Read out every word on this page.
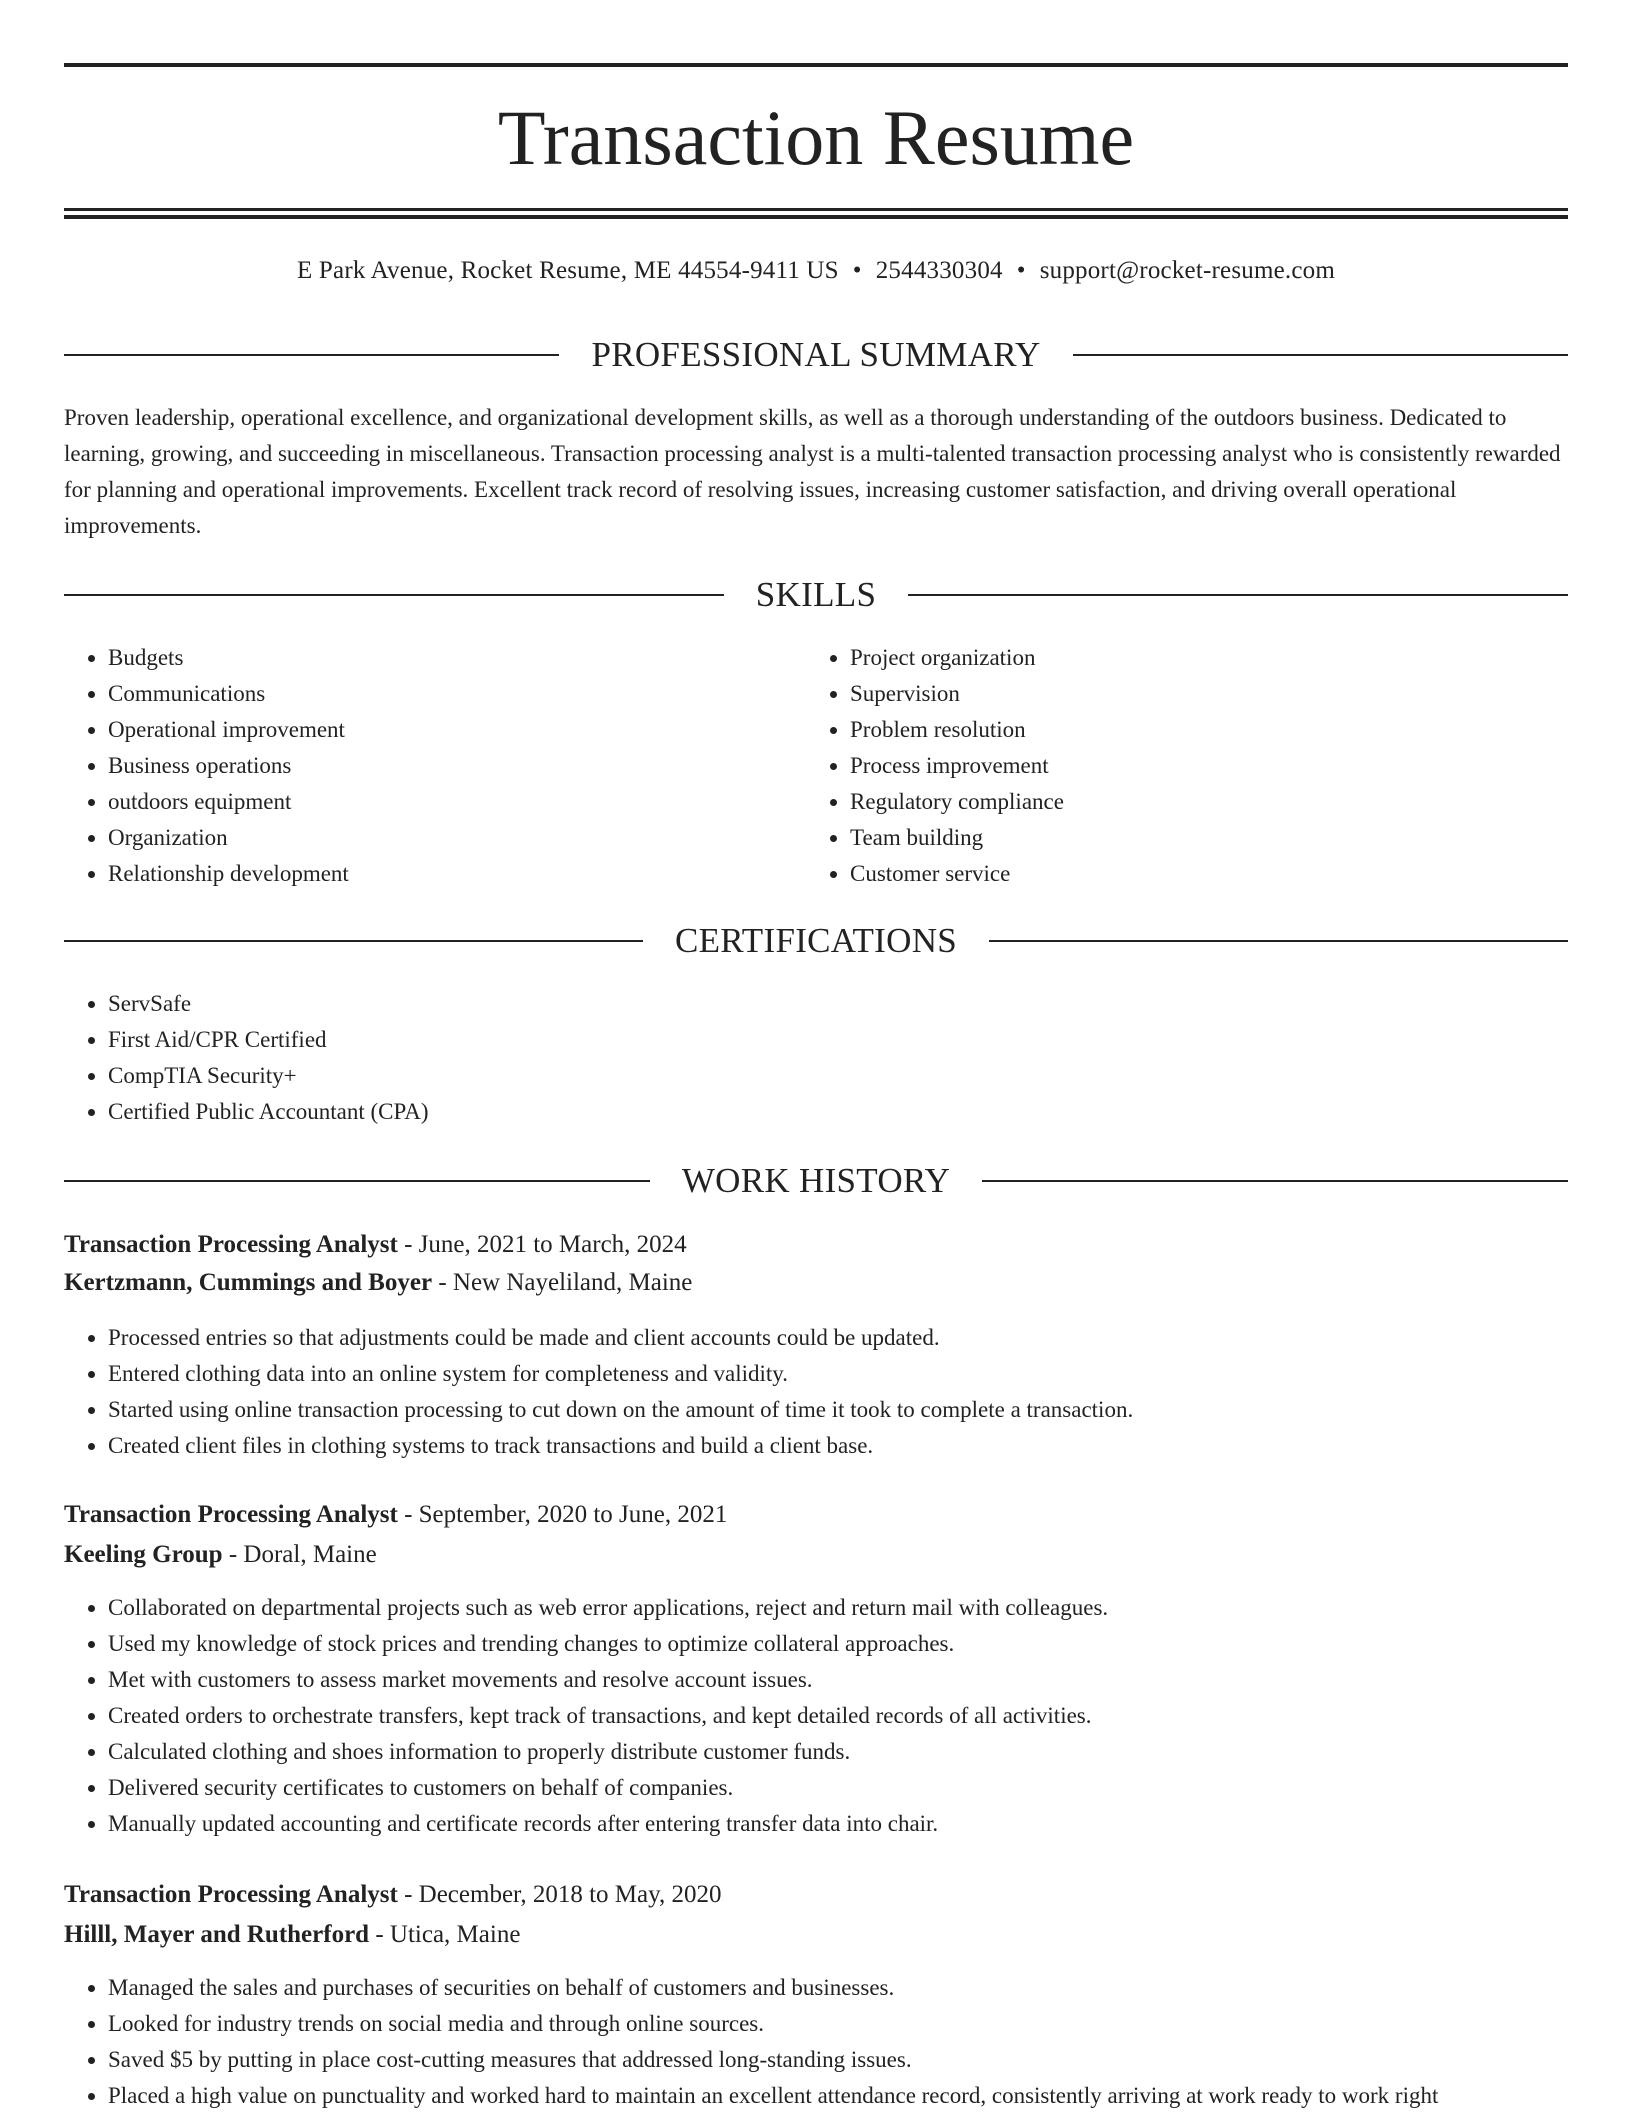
Transaction Resume
E Park Avenue, Rocket Resume, ME 44554-9411 US • 2544330304 • support@rocket-resume.com
PROFESSIONAL SUMMARY

Proven leadership, operational excellence, and organizational development skills, as well as a thorough understanding of the outdoors business. Dedicated to learning, growing, and succeeding in miscellaneous. Transaction processing analyst is a multi-talented transaction processing analyst who is consistently rewarded for planning and operational improvements. Excellent track record of resolving issues, increasing customer satisfaction, and driving overall operational improvements.

SKILLS
• Budgets
• Communications
• Operational improvement
• Business operations
• outdoors equipment
• Organization
• Relationship development
• Project organization
• Supervision
• Problem resolution
• Process improvement
• Regulatory compliance
• Team building
• Customer service
CERTIFICATIONS
• ServSafe
• First Aid/CPR Certified
• CompTIA Security+
• Certified Public Accountant (CPA)
WORK HISTORY
Transaction Processing Analyst - June, 2021 to March, 2024
Kertzmann, Cummings and Boyer - New Nayeliland, Maine
• Processed entries so that adjustments could be made and client accounts could be updated.
• Entered clothing data into an online system for completeness and validity.
• Started using online transaction processing to cut down on the amount of time it took to complete a transaction.
• Created client files in clothing systems to track transactions and build a client base.
Transaction Processing Analyst - September, 2020 to June, 2021
Keeling Group - Doral, Maine
• Collaborated on departmental projects such as web error applications, reject and return mail with colleagues.
• Used my knowledge of stock prices and trending changes to optimize collateral approaches.
• Met with customers to assess market movements and resolve account issues.
• Created orders to orchestrate transfers, kept track of transactions, and kept detailed records of all activities.
• Calculated clothing and shoes information to properly distribute customer funds.
• Delivered security certificates to customers on behalf of companies.
• Manually updated accounting and certificate records after entering transfer data into chair.
Transaction Processing Analyst - December, 2018 to May, 2020
Hilll, Mayer and Rutherford - Utica, Maine
• Managed the sales and purchases of securities on behalf of customers and businesses.
• Looked for industry trends on social media and through online sources.
• Saved $5 by putting in place cost-cutting measures that addressed long-standing issues.
• Placed a high value on punctuality and worked hard to maintain an excellent attendance record, consistently arriving at work ready to work right
